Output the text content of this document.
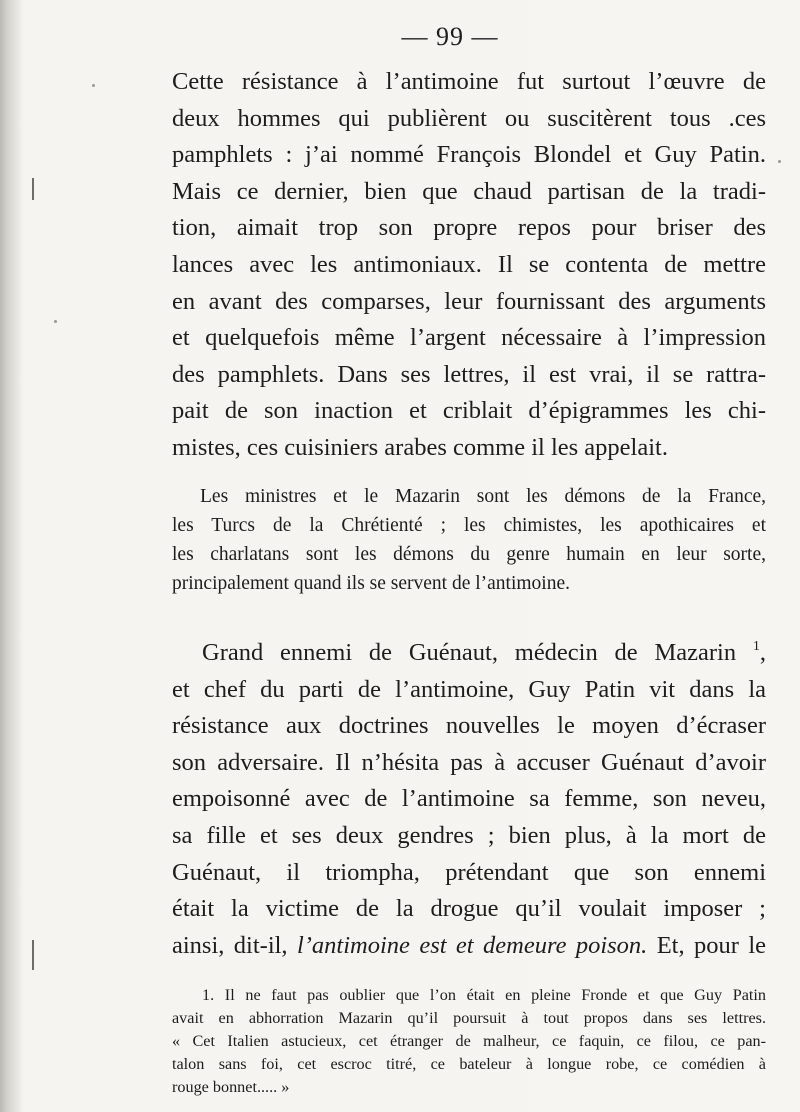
— 99 —
Cette résistance à l’antimoine fut surtout l’œuvre de
deux hommes qui publièrent ou suscitèrent tous .ces
pamphlets : j’ai nommé François Blondel et Guy Patin.
Mais ce dernier, bien que chaud partisan de la tradi-
tion, aimait trop son propre repos pour briser des
lances avec les antimoniaux. Il se contenta de mettre
en avant des comparses, leur fournissant des arguments
et quelquefois même l’argent nécessaire à l’impression
des pamphlets. Dans ses lettres, il est vrai, il se rattra-
pait de son inaction et criblait d’épigrammes les chi-
mistes, ces cuisiniers arabes comme il les appelait.
Les ministres et le Mazarin sont les démons de la France,
les Turcs de la Chrétienté ; les chimistes, les apothicaires et
les charlatans sont les démons du genre humain en leur sorte,
principalement quand ils se servent de l’antimoine.
Grand ennemi de Guénaut, médecin de Mazarin $^1$,
et chef du parti de l’antimoine, Guy Patin vit dans la
résistance aux doctrines nouvelles le moyen d’écraser
son adversaire. Il n’hésita pas à accuser Guénaut d’avoir
empoisonné avec de l’antimoine sa femme, son neveu,
sa fille et ses deux gendres ; bien plus, à la mort de
Guénaut, il triompha, prétendant que son ennemi
était la victime de la drogue qu’il voulait imposer ;
ainsi, dit-il, l’antimoine est et demeure poison. Et, pour le
1. Il ne faut pas oublier que l’on était en pleine Fronde et que Guy Patin
avait en abhorration Mazarin qu’il poursuit à tout propos dans ses lettres.
« Cet Italien astucieux, cet étranger de malheur, ce faquin, ce filou, ce pan-
talon sans foi, cet escroc titré, ce bateleur à longue robe, ce comédien à
rouge bonnet..... »
